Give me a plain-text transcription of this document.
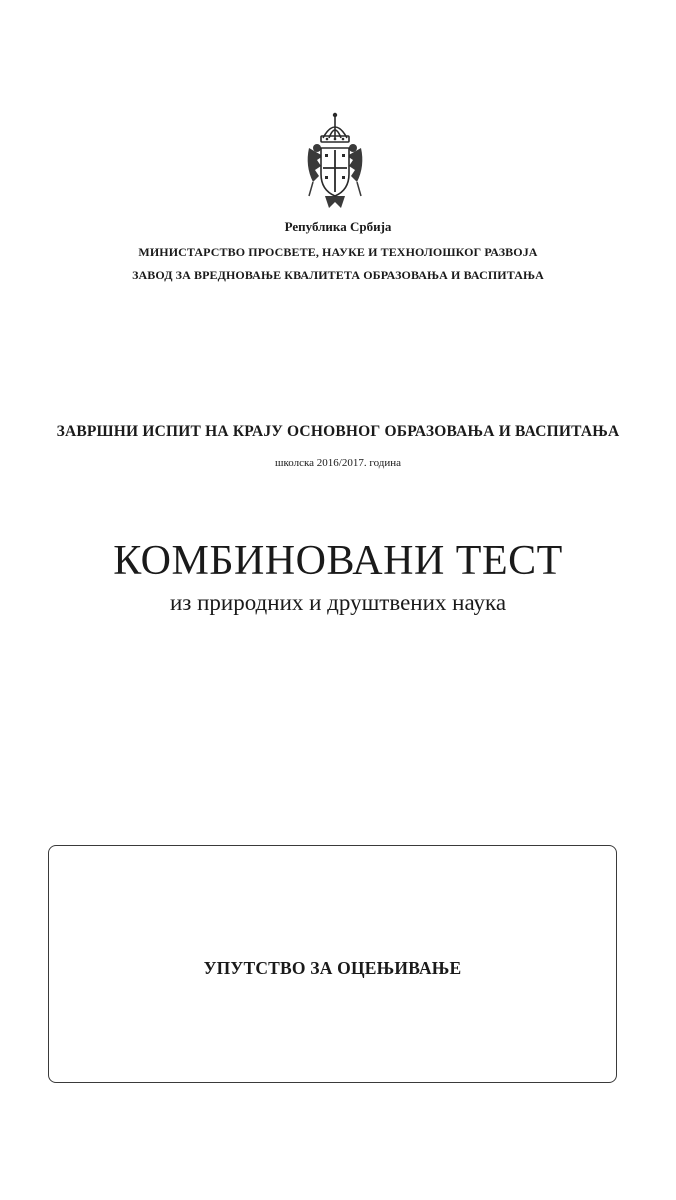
Република Србија
МИНИСТАРСТВО ПРОСВЕТЕ, НАУКЕ И ТЕХНОЛОШКОГ РАЗВОЈА
ЗАВОД ЗА ВРЕДНОВАЊЕ КВАЛИТЕТА ОБРАЗОВАЊА И ВАСПИТАЊА
ЗАВРШНИ ИСПИТ НА КРАЈУ ОСНОВНОГ ОБРАЗОВАЊА И ВАСПИТАЊА
школска 2016/2017. година
КОМБИНОВАНИ ТЕСТ
из природних и друштвених наука
УПУТСТВО ЗА ОЦЕЊИВАЊЕ
